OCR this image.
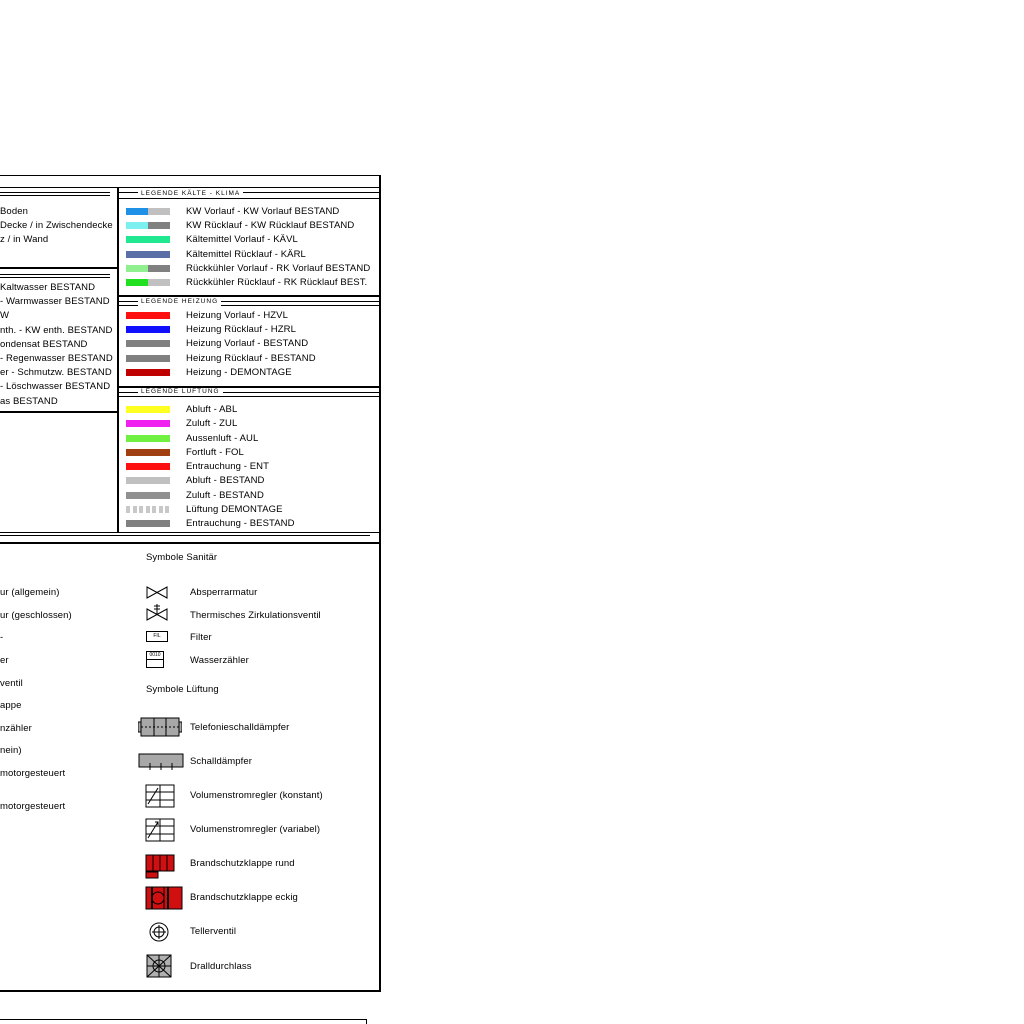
LEGENDE KÄLTE - KLIMA
LEGENDE HEIZUNG
LEGENDE LÜFTUNG
Boden
Decke / in Zwischendecke
z / in Wand
Kaltwasser BESTAND
- Warmwasser BESTAND
W
nth. - KW enth. BESTAND
ondensat BESTAND
- Regenwasser BESTAND
er - Schmutzw. BESTAND
- Löschwasser BESTAND
as BESTAND
ur (allgemein)
ur (geschlossen)
-
er
ventil
appe
nzähler
nein)
motorgesteuert
motorgesteuert
KW Vorlauf - KW Vorlauf BESTAND
KW Rücklauf - KW Rücklauf BESTAND
Kältemittel Vorlauf - KÄVL
Kältemittel Rücklauf - KÄRL
Rückkühler Vorlauf - RK Vorlauf BESTAND
Rückkühler Rücklauf - RK Rücklauf BEST.
Heizung Vorlauf - HZVL
Heizung Rücklauf - HZRL
Heizung Vorlauf - BESTAND
Heizung Rücklauf - BESTAND
Heizung - DEMONTAGE
Abluft - ABL
Zuluft - ZUL
Aussenluft - AUL
Fortluft - FOL
Entrauchung - ENT
Abluft - BESTAND
Zuluft - BESTAND
Lüftung DEMONTAGE
Entrauchung - BESTAND
Symbole Sanitär
Absperrarmatur
Thermisches Zirkulationsventil
FIL	Filter
0010	Wasserzähler
Symbole Lüftung
Telefonieschalldämpfer
Schalldämpfer
Volumenstromregler (konstant)
Volumenstromregler (variabel)
Brandschutzklappe rund
Brandschutzklappe eckig
Tellerventil
Dralldurchlass
